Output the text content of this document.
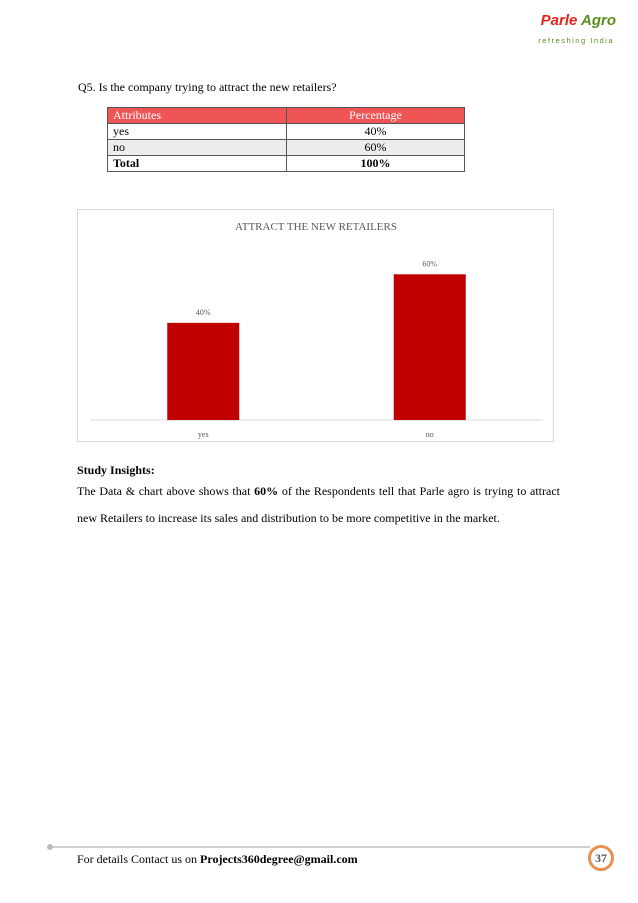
Parle Agro
refreshing India
Q5. Is the company trying to attract the new retailers?
Attributes	Percentage
yes	40%
no	60%
Total	100%
ATTRACT THE NEW RETAILERS
40%
yes
60%
no
Study Insights:
The Data & chart above shows that 60% of the Respondents tell that Parle agro is trying to attract new Retailers to increase its sales and distribution to be more competitive in the market.
For details Contact us on Projects360degree@gmail.com	37
